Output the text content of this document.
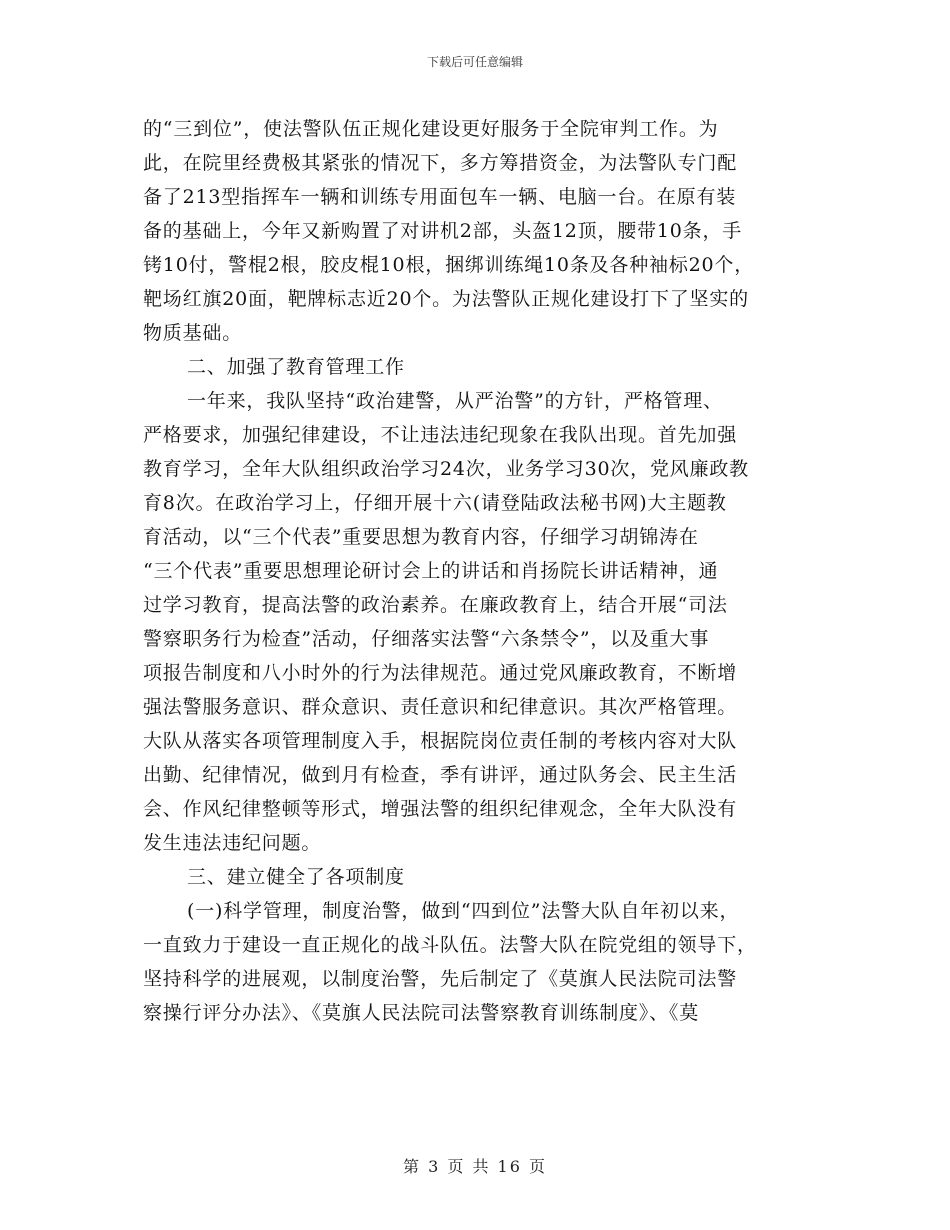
下载后可任意编辑
的“三到位”，使法警队伍正规化建设更好服务于全院审判工作。为
此，在院里经费极其紧张的情况下，多方筹措资金，为法警队专门配
备了213型指挥车一辆和训练专用面包车一辆、电脑一台。在原有装
备的基础上，今年又新购置了对讲机2部，头盔12顶，腰带10条，手
铐10付，警棍2根，胶皮棍10根，捆绑训练绳10条及各种袖标20个，
靶场红旗20面，靶牌标志近20个。为法警队正规化建设打下了坚实的
物质基础。
二、加强了教育管理工作
一年来，我队坚持“政治建警，从严治警”的方针，严格管理、
严格要求，加强纪律建设，不让违法违纪现象在我队出现。首先加强
教育学习，全年大队组织政治学习24次，业务学习30次，党风廉政教
育8次。在政治学习上，仔细开展十六(请登陆政法秘书网)大主题教
育活动，以“三个代表”重要思想为教育内容，仔细学习胡锦涛在
“三个代表”重要思想理论研讨会上的讲话和肖扬院长讲话精神，通
过学习教育，提高法警的政治素养。在廉政教育上，结合开展“司法
警察职务行为检查”活动，仔细落实法警“六条禁令”，以及重大事
项报告制度和八小时外的行为法律规范。通过党风廉政教育，不断增
强法警服务意识、群众意识、责任意识和纪律意识。其次严格管理。
大队从落实各项管理制度入手，根据院岗位责任制的考核内容对大队
出勤、纪律情况，做到月有检查，季有讲评，通过队务会、民主生活
会、作风纪律整顿等形式，增强法警的组织纪律观念，全年大队没有
发生违法违纪问题。
三、建立健全了各项制度
(一)科学管理，制度治警，做到“四到位”法警大队自年初以来，
一直致力于建设一直正规化的战斗队伍。法警大队在院党组的领导下，
坚持科学的进展观，以制度治警，先后制定了《莫旗人民法院司法警
察操行评分办法》、《莫旗人民法院司法警察教育训练制度》、《莫
第 3 页 共 16 页
